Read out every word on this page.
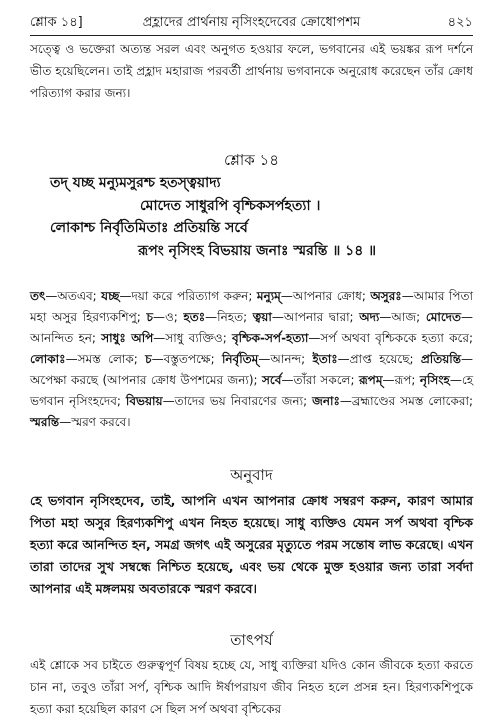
শ্লোক ১৪]	প্রহ্লাদের প্রার্থনায় নৃসিংহদেবের ক্রোধোপশম	৪২১
সত্ত্বে ও ভক্তেরা অত্যন্ত সরল এবং অনুগত হওয়ার ফলে, ভগবানের এই ভয়ঙ্কর রূপ দর্শনে ভীত হয়েছিলেন। তাই প্রহ্লাদ মহারাজ পরবর্তী প্রার্থনায় ভগবানকে অনুরোধ করেছেন তাঁর ক্রোধ পরিত্যাগ করার জন্য।
শ্লোক ১৪
তদ্ যচ্ছ মন্যুমসুরশ্চ হতস্ত্বয়াদ্য
মোদেত সাধুরপি বৃশ্চিকসর্পহত্যা ।
লোকাশ্চ নির্বৃতিমিতাঃ প্রতিয়ন্তি সর্বে
রূপং নৃসিংহ বিভয়ায় জনাঃ স্মরন্তি ॥ ১৪ ॥
তৎ—অতএব; যচ্ছ—দয়া করে পরিত্যাগ করুন; মন্যুম্—আপনার ক্রোধ; অসুরঃ—আমার পিতা মহা অসুর হিরণ্যকশিপু; চ—ও; হতঃ—নিহত; ত্বয়া—আপনার দ্বারা; অদ্য—আজ; মোদেত—আনন্দিত হন; সাধুঃ অপি—সাধু ব্যক্তিও; বৃশ্চিক-সর্প-হত্যা—সর্প অথবা বৃশ্চিককে হত্যা করে; লোকাঃ—সমস্ত লোক; চ—বস্তুতপক্ষে; নির্বৃতিম্—আনন্দ; ইতাঃ—প্রাপ্ত হয়েছে; প্রতিয়ন্তি—অপেক্ষা করছে (আপনার ক্রোধ উপশমের জন্য); সর্বে—তাঁরা সকলে; রূপম্—রূপ; নৃসিংহ—হে ভগবান নৃসিংহদেব; বিভয়ায়—তাদের ভয় নিবারণের জন্য; জনাঃ—ব্রহ্মাণ্ডের সমস্ত লোকেরা; স্মরন্তি—স্মরণ করবে।
অনুবাদ
হে ভগবান নৃসিংহদেব, তাই, আপনি এখন আপনার ক্রোধ সম্বরণ করুন, কারণ আমার পিতা মহা অসুর হিরণ্যকশিপু এখন নিহত হয়েছে। সাধু ব্যক্তিও যেমন সর্প অথবা বৃশ্চিক হত্যা করে আনন্দিত হন, সমগ্র জগৎ এই অসুরের মৃত্যুতে পরম সন্তোষ লাভ করেছে। এখন তারা তাদের সুখ সম্বন্ধে নিশ্চিত হয়েছে, এবং ভয় থেকে মুক্ত হওয়ার জন্য তারা সর্বদা আপনার এই মঙ্গলময় অবতারকে স্মরণ করবে।
তাৎপর্য
এই শ্লোকে সব চাইতে গুরুত্বপূর্ণ বিষয় হচ্ছে যে, সাধু ব্যক্তিরা যদিও কোন জীবকে হত্যা করতে চান না, তবুও তাঁরা সর্প, বৃশ্চিক আদি ঈর্ষাপরায়ণ জীব নিহত হলে প্রসন্ন হন। হিরণ্যকশিপুকে হত্যা করা হয়েছিল কারণ সে ছিল সর্প অথবা বৃশ্চিকের
